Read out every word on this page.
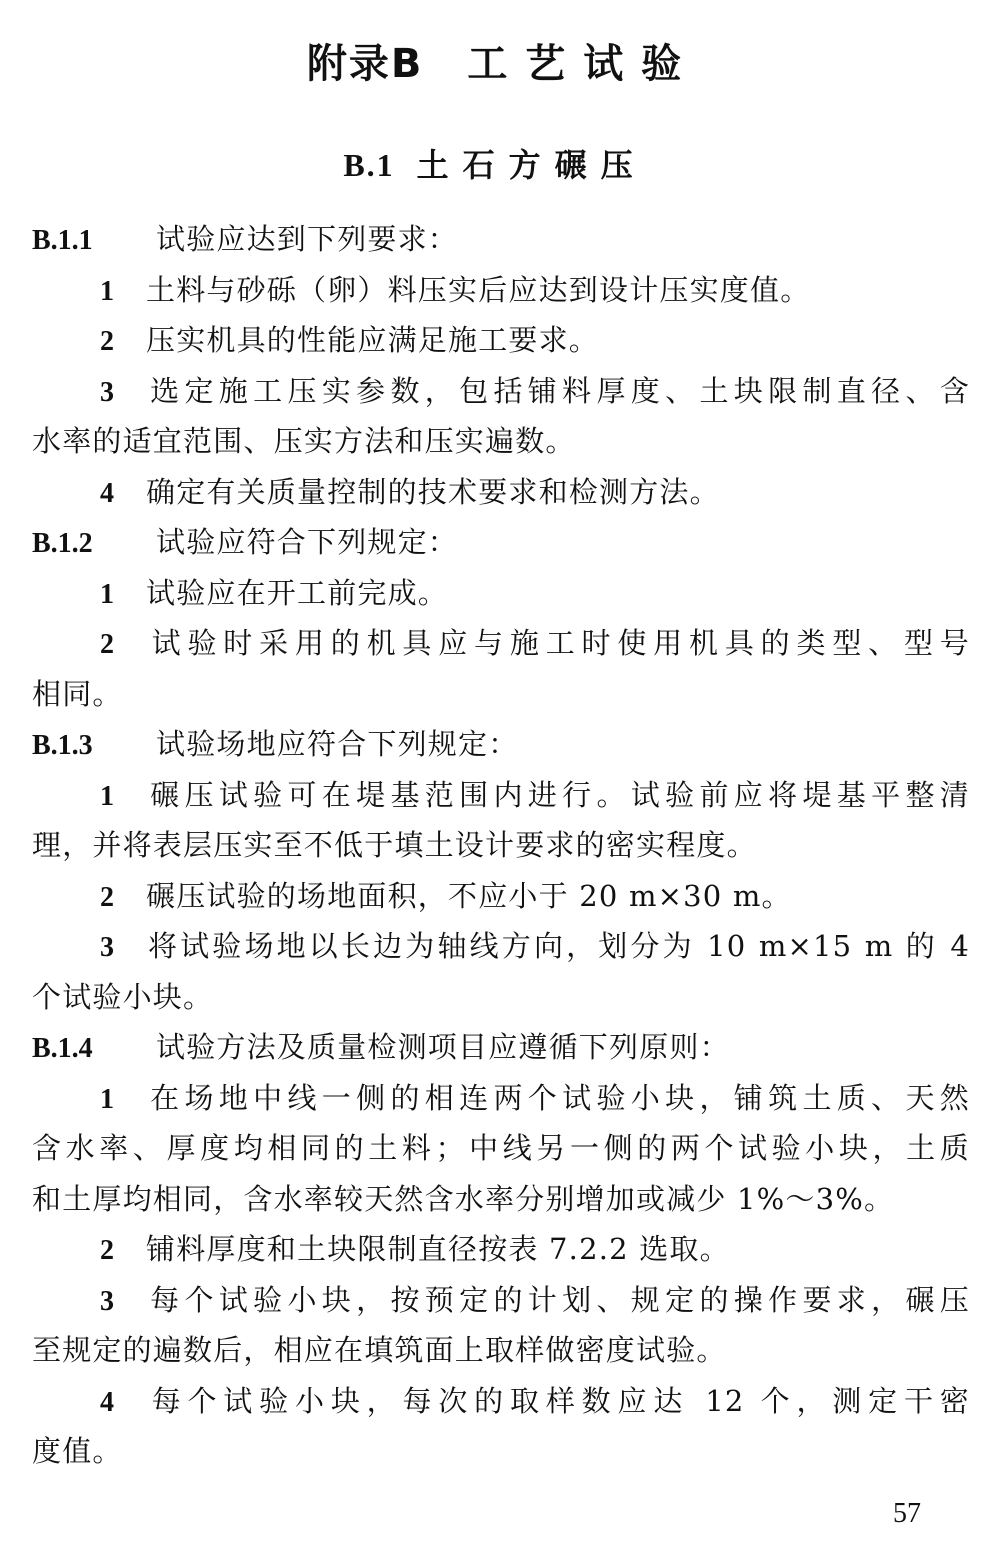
附录B 工 艺 试 验
B.1 土石方碾压
B.1.1 试验应达到下列要求：
1 土料与砂砾（卵）料压实后应达到设计压实度值。
2 压实机具的性能应满足施工要求。
3 选定施工压实参数，包括铺料厚度、土块限制直径、含
水率的适宜范围、压实方法和压实遍数。
4 确定有关质量控制的技术要求和检测方法。
B.1.2 试验应符合下列规定：
1 试验应在开工前完成。
2 试验时采用的机具应与施工时使用机具的类型、型号
相同。
B.1.3 试验场地应符合下列规定：
1 碾压试验可在堤基范围内进行。试验前应将堤基平整清
理，并将表层压实至不低于填土设计要求的密实程度。
2 碾压试验的场地面积，不应小于 20 m×30 m。
3 将试验场地以长边为轴线方向，划分为 10 m×15 m 的 4
个试验小块。
B.1.4 试验方法及质量检测项目应遵循下列原则：
1 在场地中线一侧的相连两个试验小块，铺筑土质、天然
含水率、厚度均相同的土料；中线另一侧的两个试验小块，土质
和土厚均相同，含水率较天然含水率分别增加或减少 1%～3%。
2 铺料厚度和土块限制直径按表 7.2.2 选取。
3 每个试验小块，按预定的计划、规定的操作要求，碾压
至规定的遍数后，相应在填筑面上取样做密度试验。
4 每个试验小块，每次的取样数应达 12 个，测定干密
度值。
57
